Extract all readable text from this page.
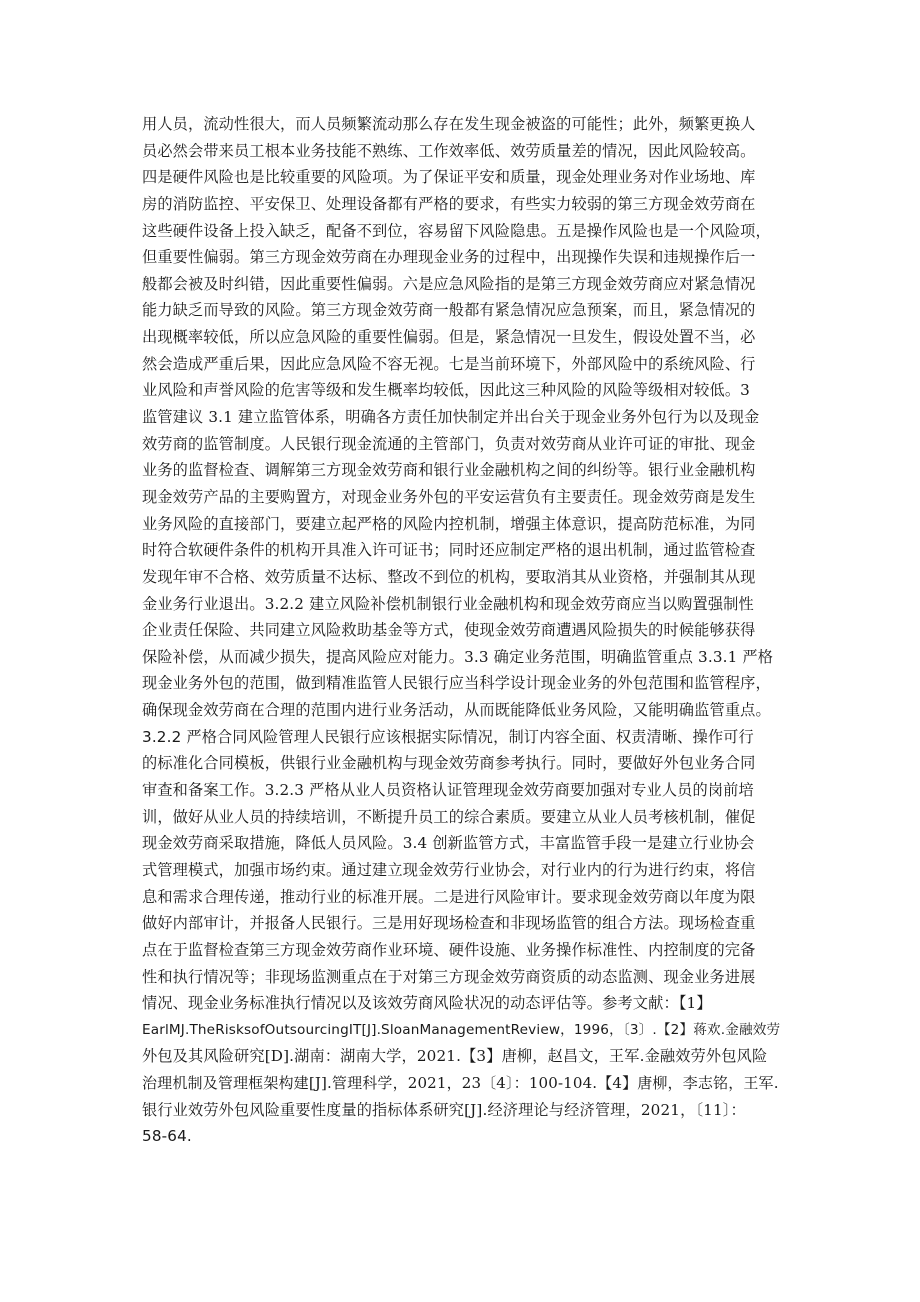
用人员，流动性很大，而人员频繁流动那么存在发生现金被盗的可能性；此外，频繁更换人
员必然会带来员工根本业务技能不熟练、工作效率低、效劳质量差的情况，因此风险较高。
四是硬件风险也是比较重要的风险项。为了保证平安和质量，现金处理业务对作业场地、库
房的消防监控、平安保卫、处理设备都有严格的要求，有些实力较弱的第三方现金效劳商在
这些硬件设备上投入缺乏，配备不到位，容易留下风险隐患。五是操作风险也是一个风险项，
但重要性偏弱。第三方现金效劳商在办理现金业务的过程中，出现操作失误和违规操作后一
般都会被及时纠错，因此重要性偏弱。六是应急风险指的是第三方现金效劳商应对紧急情况
能力缺乏而导致的风险。第三方现金效劳商一般都有紧急情况应急预案，而且，紧急情况的
出现概率较低，所以应急风险的重要性偏弱。但是，紧急情况一旦发生，假设处置不当，必
然会造成严重后果，因此应急风险不容无视。七是当前环境下，外部风险中的系统风险、行
业风险和声誉风险的危害等级和发生概率均较低，因此这三种风险的风险等级相对较低。3
监管建议 3.1 建立监管体系，明确各方责任加快制定并出台关于现金业务外包行为以及现金
效劳商的监管制度。人民银行现金流通的主管部门，负责对效劳商从业许可证的审批、现金
业务的监督检查、调解第三方现金效劳商和银行业金融机构之间的纠纷等。银行业金融机构
现金效劳产品的主要购置方，对现金业务外包的平安运营负有主要责任。现金效劳商是发生
业务风险的直接部门，要建立起严格的风险内控机制，增强主体意识，提高防范标准，为同
时符合软硬件条件的机构开具准入许可证书；同时还应制定严格的退出机制，通过监管检查
发现年审不合格、效劳质量不达标、整改不到位的机构，要取消其从业资格，并强制其从现
金业务行业退出。3.2.2 建立风险补偿机制银行业金融机构和现金效劳商应当以购置强制性
企业责任保险、共同建立风险救助基金等方式，使现金效劳商遭遇风险损失的时候能够获得
保险补偿，从而减少损失，提高风险应对能力。3.3 确定业务范围，明确监管重点 3.3.1 严格
现金业务外包的范围，做到精准监管人民银行应当科学设计现金业务的外包范围和监管程序，
确保现金效劳商在合理的范围内进行业务活动，从而既能降低业务风险，又能明确监管重点。
3.2.2 严格合同风险管理人民银行应该根据实际情况，制订内容全面、权责清晰、操作可行
的标准化合同模板，供银行业金融机构与现金效劳商参考执行。同时，要做好外包业务合同
审查和备案工作。3.2.3 严格从业人员资格认证管理现金效劳商要加强对专业人员的岗前培
训，做好从业人员的持续培训，不断提升员工的综合素质。要建立从业人员考核机制，催促
现金效劳商采取措施，降低人员风险。3.4 创新监管方式，丰富监管手段一是建立行业协会
式管理模式，加强市场约束。通过建立现金效劳行业协会，对行业内的行为进行约束，将信
息和需求合理传递，推动行业的标准开展。二是进行风险审计。要求现金效劳商以年度为限
做好内部审计，并报备人民银行。三是用好现场检查和非现场监管的组合方法。现场检查重
点在于监督检查第三方现金效劳商作业环境、硬件设施、业务操作标准性、内控制度的完备
性和执行情况等；非现场监测重点在于对第三方现金效劳商资质的动态监测、现金业务进展
情况、现金业务标准执行情况以及该效劳商风险状况的动态评估等。参考文献：【1】
EarlMJ.TheRisksofOutsourcingIT[J].SloanManagementReview，1996，〔3〕.【2】蒋欢.金融效劳
外包及其风险研究[D].湖南：湖南大学，2021.【3】唐柳，赵昌文，王军.金融效劳外包风险
治理机制及管理框架构建[J].管理科学，2021，23〔4〕：100-104.【4】唐柳，李志铭，王军.
银行业效劳外包风险重要性度量的指标体系研究[J].经济理论与经济管理，2021，〔11〕：
58-64.
